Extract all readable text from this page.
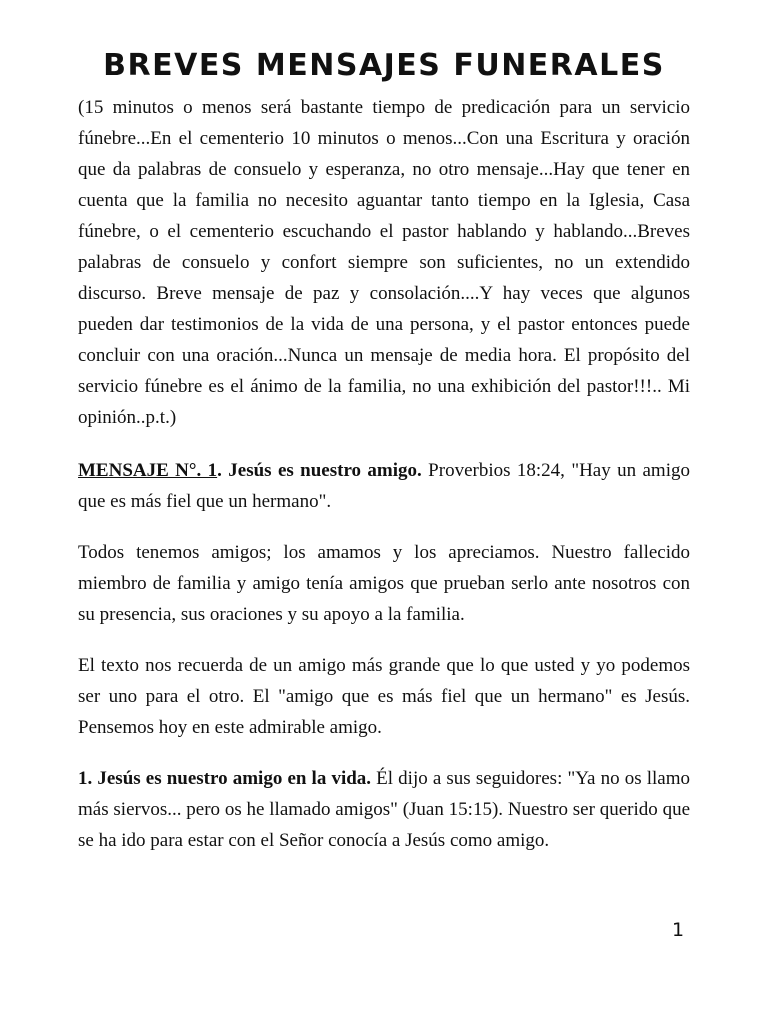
BREVES MENSAJES FUNERALES

(15 minutos o menos será bastante tiempo de predicación para un servicio fúnebre...En el cementerio 10 minutos o menos...Con una Escritura y oración que da palabras de consuelo y esperanza, no otro mensaje...Hay que tener en cuenta que la familia no necesito aguantar tanto tiempo en la Iglesia, Casa fúnebre, o el cementerio escuchando el pastor hablando y hablando...Breves palabras de consuelo y confort siempre son suficientes, no un extendido discurso. Breve mensaje de paz y consolación....Y hay veces que algunos pueden dar testimonios de la vida de una persona, y el pastor entonces puede concluir con una oración...Nunca un mensaje de media hora. El propósito del servicio fúnebre es el ánimo de la familia, no una exhibición del pastor!!!.. Mi opinión..p.t.)

MENSAJE N°. 1. Jesús es nuestro amigo. Proverbios 18:24, "Hay un amigo que es más fiel que un hermano".

Todos tenemos amigos; los amamos y los apreciamos. Nuestro fallecido miembro de familia y amigo tenía amigos que prueban serlo ante nosotros con su presencia, sus oraciones y su apoyo a la familia.

El texto nos recuerda de un amigo más grande que lo que usted y yo podemos ser uno para el otro. El "amigo que es más fiel que un hermano" es Jesús. Pensemos hoy en este admirable amigo.

1. Jesús es nuestro amigo en la vida. Él dijo a sus seguidores: "Ya no os llamo más siervos... pero os he llamado amigos" (Juan 15:15). Nuestro ser querido que se ha ido para estar con el Señor conocía a Jesús como amigo.

1
